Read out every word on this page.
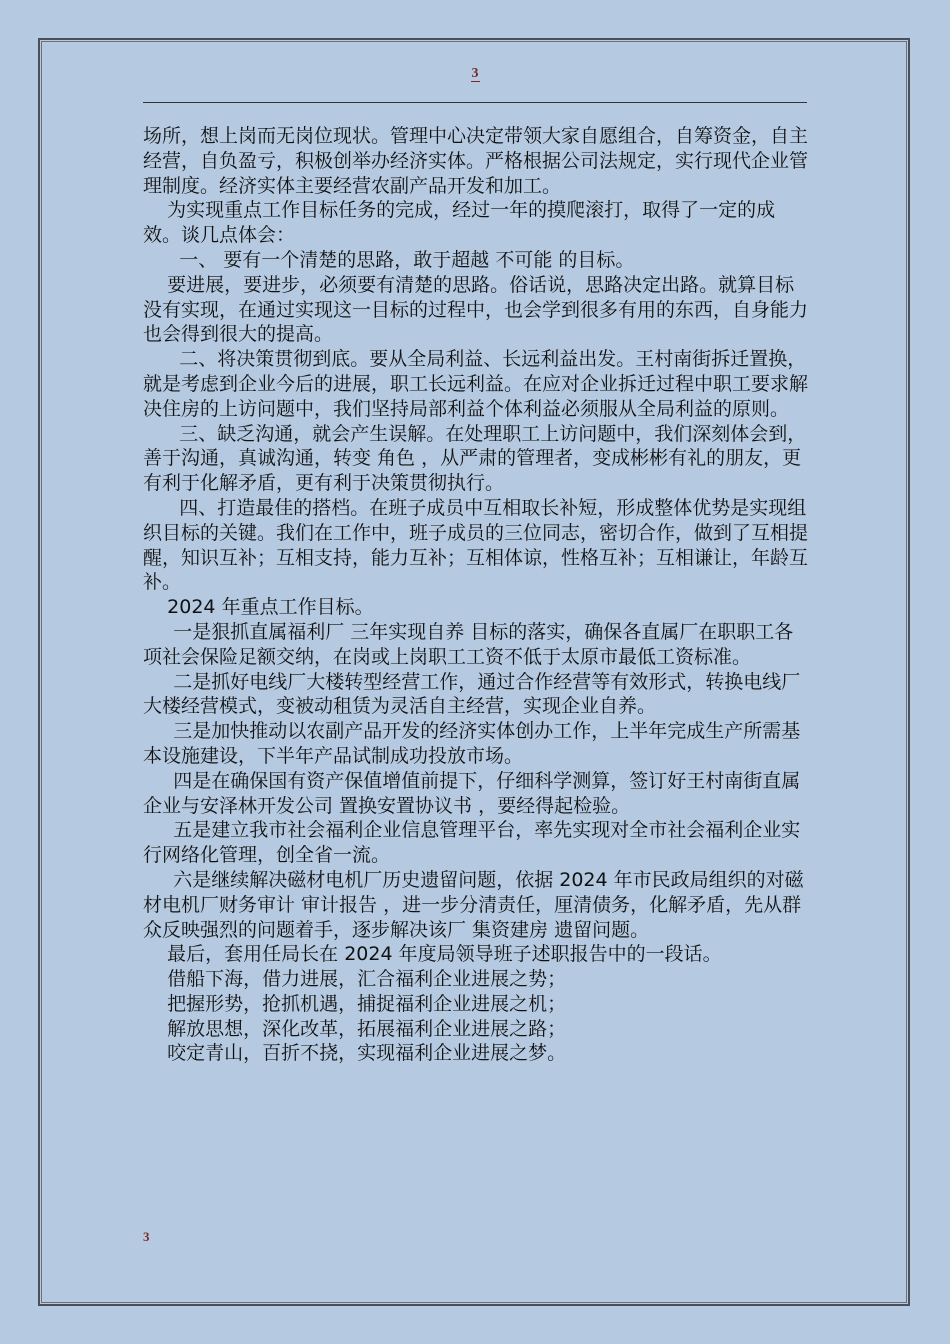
3

场所，想上岗而无岗位现状。管理中心决定带领大家自愿组合，自筹资金，自主经营，自负盈亏，积极创举办经济实体。严格根据公司法规定，实行现代企业管理制度。经济实体主要经营农副产品开发和加工。

为实现重点工作目标任务的完成，经过一年的摸爬滚打，取得了一定的成效。谈几点体会：

一、 要有一个清楚的思路，敢于超越 不可能 的目标。

要进展，要进步，必须要有清楚的思路。俗话说，思路决定出路。就算目标没有实现，在通过实现这一目标的过程中，也会学到很多有用的东西，自身能力也会得到很大的提高。

二、将决策贯彻到底。要从全局利益、长远利益出发。王村南街拆迁置换，就是考虑到企业今后的进展，职工长远利益。在应对企业拆迁过程中职工要求解决住房的上访问题中，我们坚持局部利益个体利益必须服从全局利益的原则。

三、缺乏沟通，就会产生误解。在处理职工上访问题中，我们深刻体会到，善于沟通，真诚沟通，转变 角色 ，从严肃的管理者，变成彬彬有礼的朋友，更有利于化解矛盾，更有利于决策贯彻执行。

四、打造最佳的搭档。在班子成员中互相取长补短，形成整体优势是实现组织目标的关键。我们在工作中，班子成员的三位同志，密切合作，做到了互相提醒，知识互补；互相支持，能力互补；互相体谅，性格互补；互相谦让，年龄互补。

2024 年重点工作目标。

一是狠抓直属福利厂 三年实现自养 目标的落实，确保各直属厂在职职工各项社会保险足额交纳，在岗或上岗职工工资不低于太原市最低工资标准。

二是抓好电线厂大楼转型经营工作，通过合作经营等有效形式，转换电线厂大楼经营模式，变被动租赁为灵活自主经营，实现企业自养。

三是加快推动以农副产品开发的经济实体创办工作，上半年完成生产所需基本设施建设，下半年产品试制成功投放市场。

四是在确保国有资产保值增值前提下，仔细科学测算，签订好王村南街直属企业与安泽林开发公司 置换安置协议书 ，要经得起检验。

五是建立我市社会福利企业信息管理平台，率先实现对全市社会福利企业实行网络化管理，创全省一流。

六是继续解决磁材电机厂历史遗留问题，依据 2024 年市民政局组织的对磁材电机厂财务审计 审计报告 ，进一步分清责任，厘清债务，化解矛盾，先从群众反映强烈的问题着手，逐步解决该厂 集资建房 遗留问题。

最后，套用任局长在 2024 年度局领导班子述职报告中的一段话。

借船下海，借力进展，汇合福利企业进展之势；

把握形势，抢抓机遇，捕捉福利企业进展之机；

解放思想，深化改革，拓展福利企业进展之路；

咬定青山，百折不挠，实现福利企业进展之梦。

3
